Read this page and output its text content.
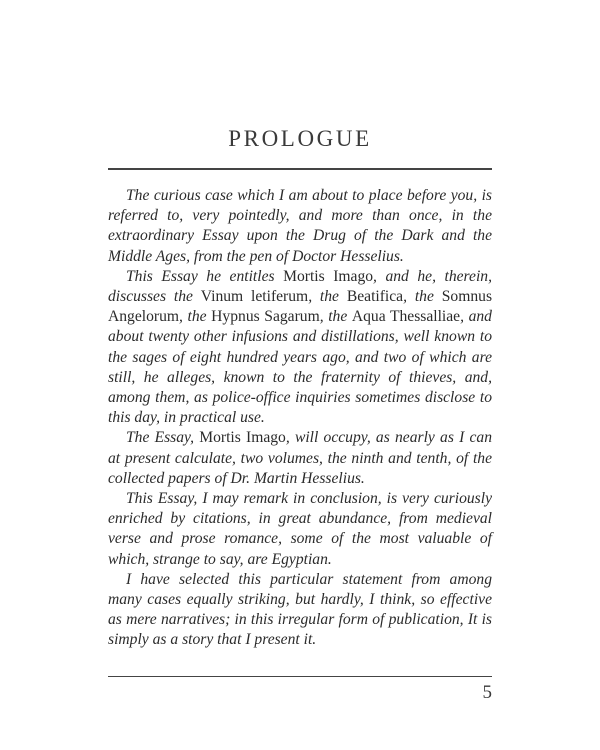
PROLOGUE

The curious case which I am about to place before you, is referred to, very pointedly, and more than once, in the extraordinary Essay upon the Drug of the Dark and the Middle Ages, from the pen of Doctor Hesselius.

This Essay he entitles Mortis Imago, and he, therein, discusses the Vinum letiferum, the Beatifica, the Somnus Angelorum, the Hypnus Sagarum, the Aqua Thessalliae, and about twenty other infusions and distillations, well known to the sages of eight hundred years ago, and two of which are still, he alleges, known to the fraternity of thieves, and, among them, as police-office inquiries sometimes disclose to this day, in practical use.

The Essay, Mortis Imago, will occupy, as nearly as I can at present calculate, two volumes, the ninth and tenth, of the collected papers of Dr. Martin Hesselius.

This Essay, I may remark in conclusion, is very curiously enriched by citations, in great abundance, from medieval verse and prose romance, some of the most valuable of which, strange to say, are Egyptian.

I have selected this particular statement from among many cases equally striking, but hardly, I think, so effective as mere narratives; in this irregular form of publication, It is simply as a story that I present it.

5
